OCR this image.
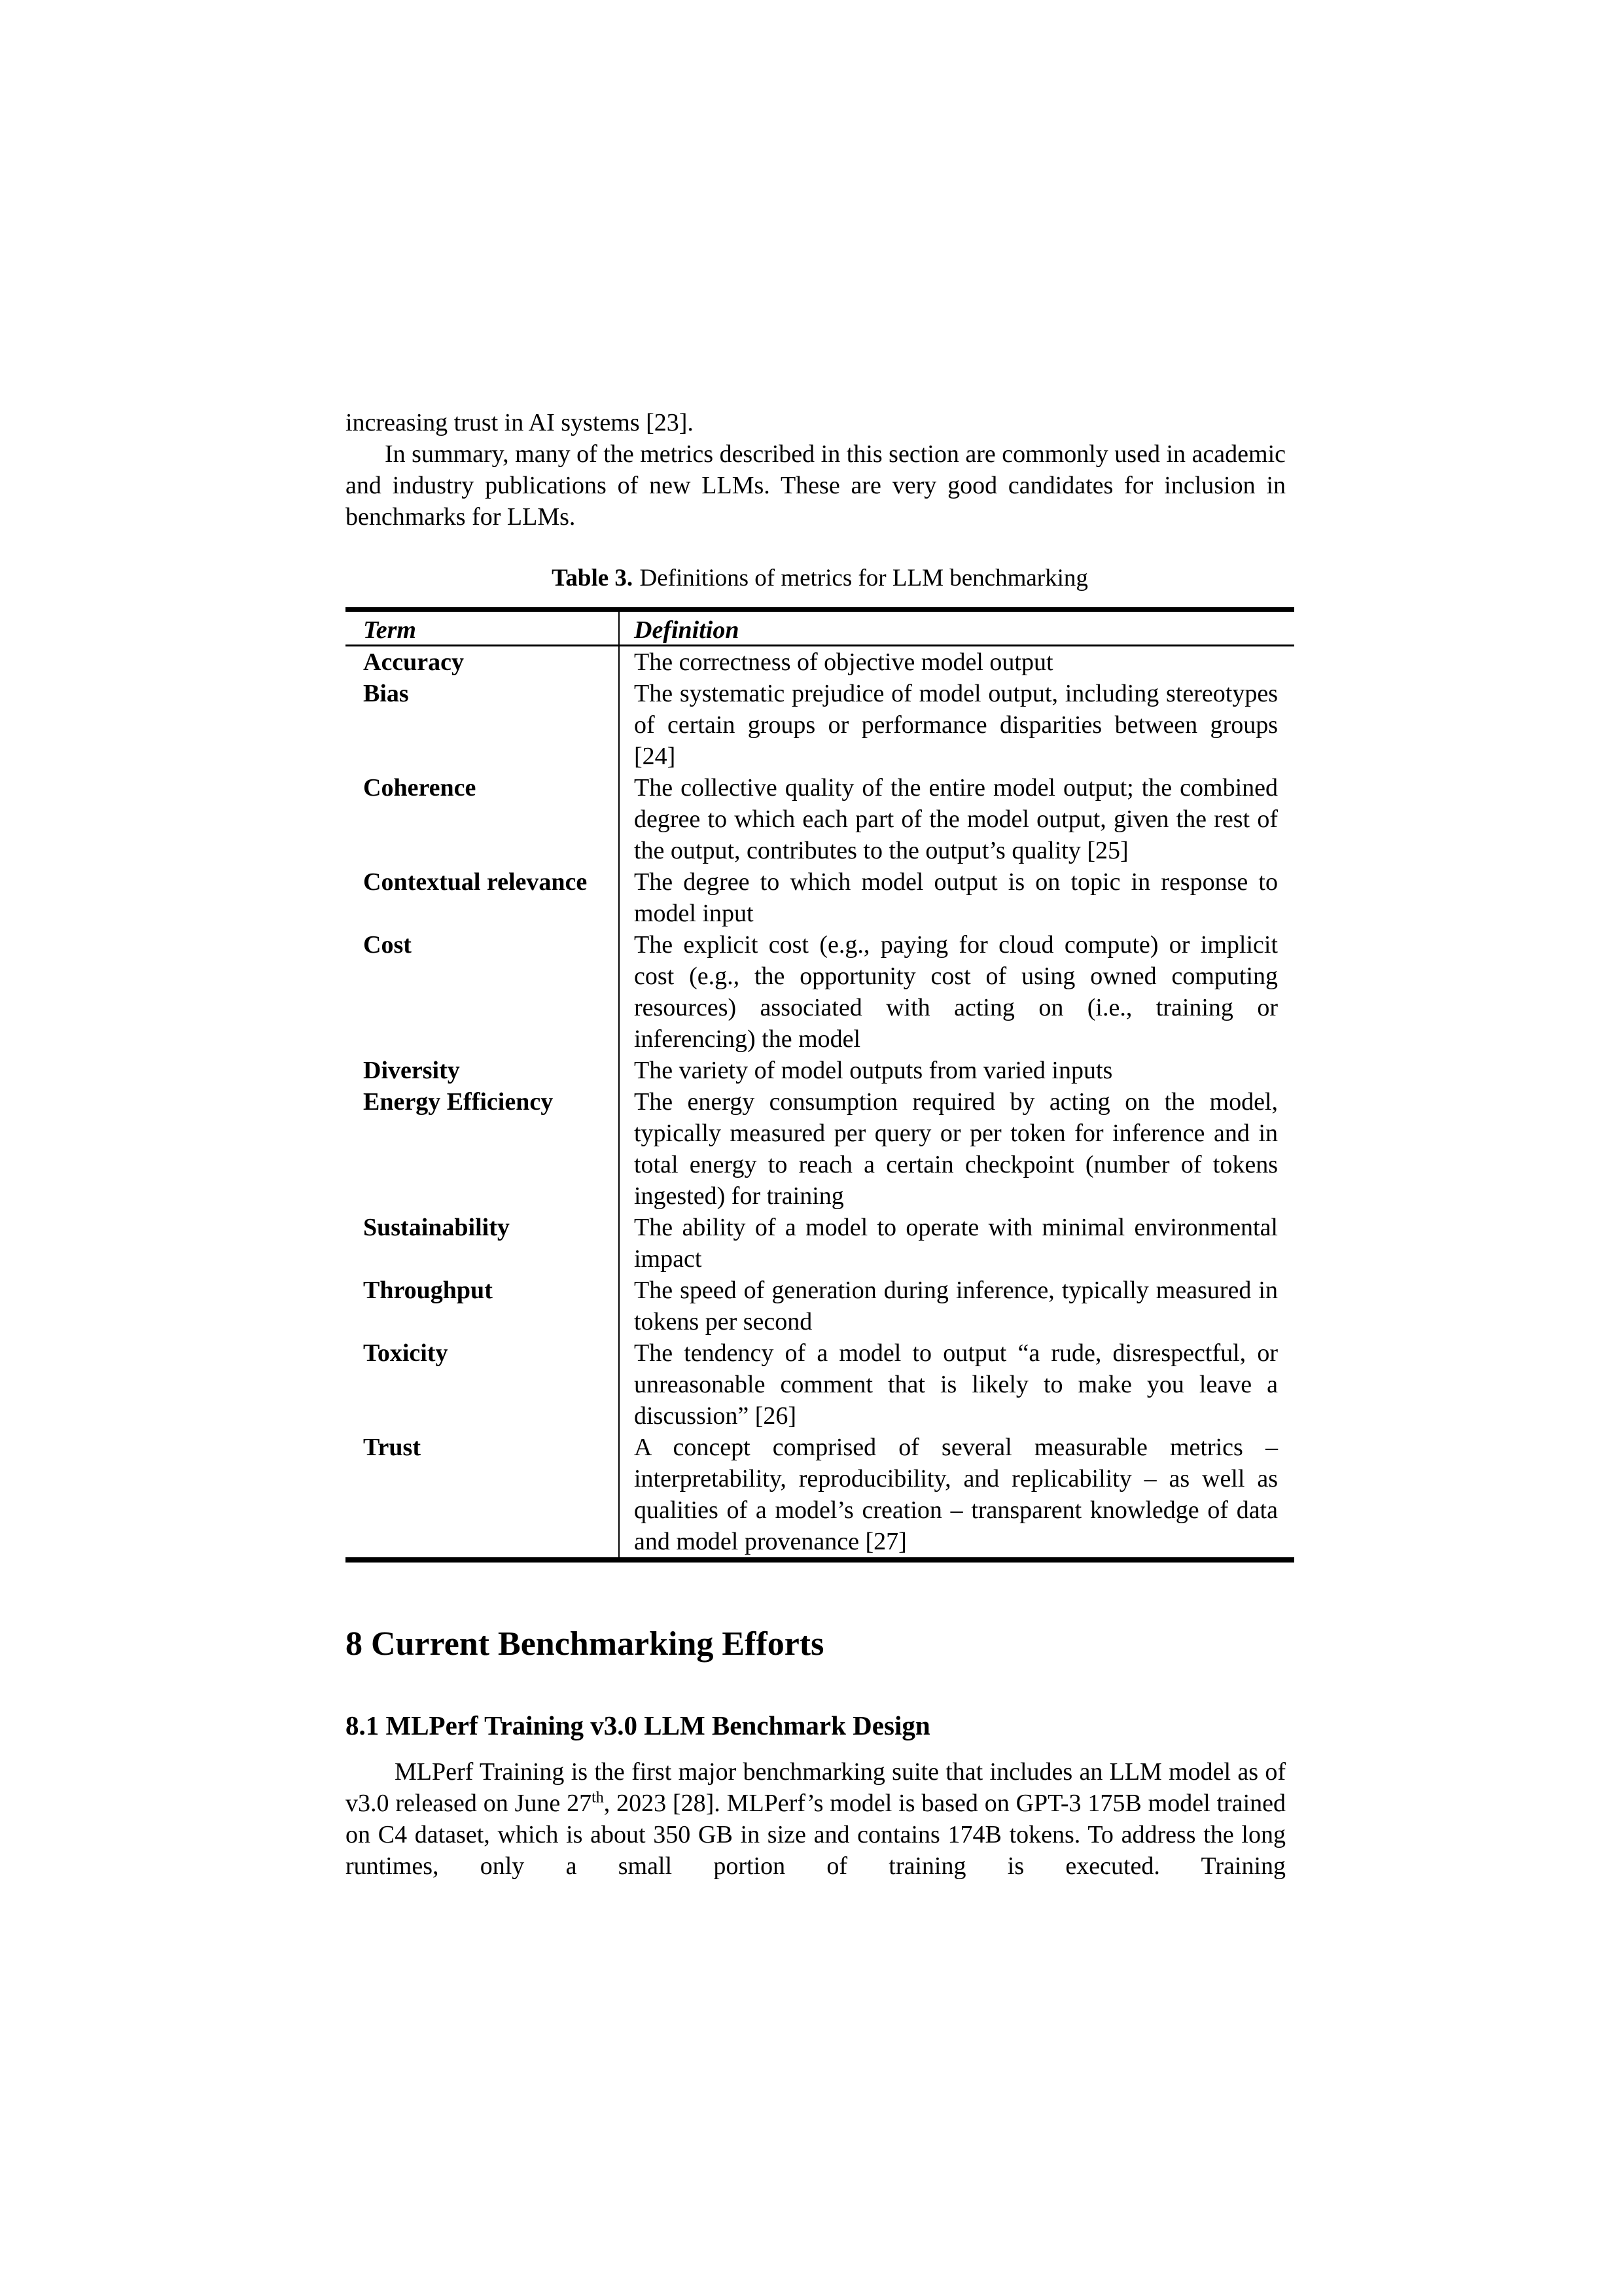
increasing trust in AI systems [23].

In summary, many of the metrics described in this section are commonly used in academic and industry publications of new LLMs. These are very good candidates for inclusion in benchmarks for LLMs.

Table 3. Definitions of metrics for LLM benchmarking
Term	Definition
Accuracy	The correctness of objective model output
Bias	The systematic prejudice of model output, including stereotypes of certain groups or performance disparities between groups [24]
Coherence	The collective quality of the entire model output; the combined degree to which each part of the model output, given the rest of the output, contributes to the output’s quality [25]
Contextual relevance	The degree to which model output is on topic in response to model input
Cost	The explicit cost (e.g., paying for cloud compute) or implicit cost (e.g., the opportunity cost of using owned computing resources) associated with acting on (i.e., training or inferencing) the model
Diversity	The variety of model outputs from varied inputs
Energy Efficiency	The energy consumption required by acting on the model, typically measured per query or per token for inference and in total energy to reach a certain checkpoint (number of tokens ingested) for training
Sustainability	The ability of a model to operate with minimal environmental impact
Throughput	The speed of generation during inference, typically measured in tokens per second
Toxicity	The tendency of a model to output “a rude, disrespectful, or unreasonable comment that is likely to make you leave a discussion” [26]
Trust	A concept comprised of several measurable metrics – interpretability, reproducibility, and replicability – as well as qualities of a model’s creation – transparent knowledge of data and model provenance [27]
8 Current Benchmarking Efforts
8.1 MLPerf Training v3.0 LLM Benchmark Design

MLPerf Training is the first major benchmarking suite that includes an LLM model as of v3.0 released on June 27th, 2023 [28]. MLPerf’s model is based on GPT-3 175B model trained on C4 dataset, which is about 350 GB in size and contains 174B tokens. To address the long runtimes, only a small portion of training is executed. Training
